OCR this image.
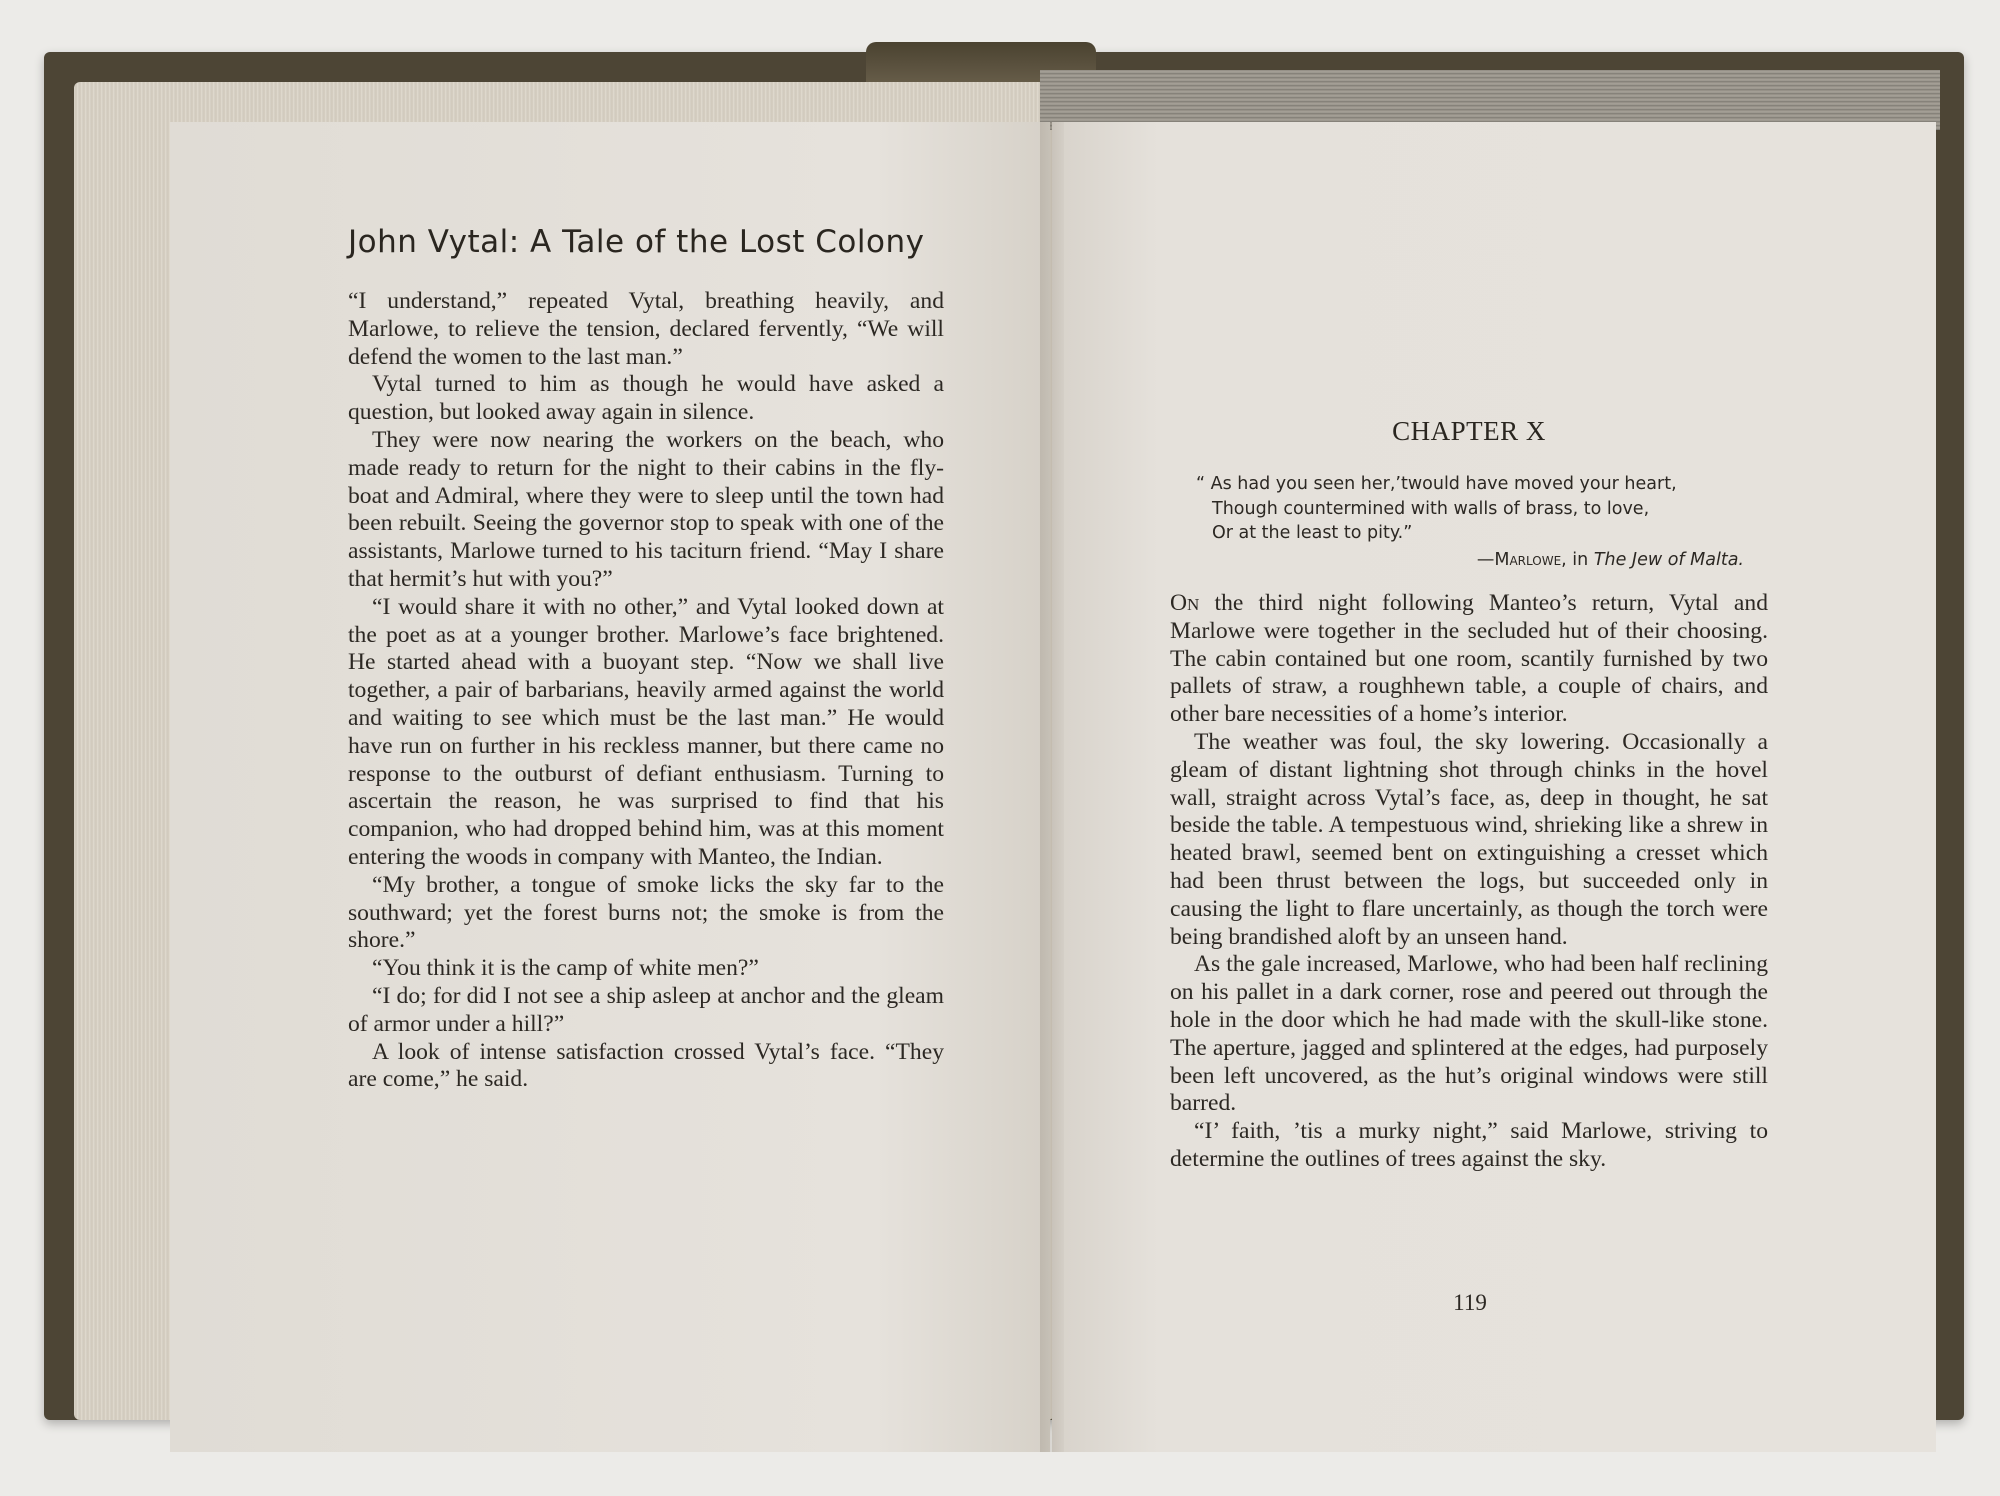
John Vytal: A Tale of the Lost Colony

“I understand,” repeated Vytal, breathing heavily, and Marlowe, to relieve the tension, declared fervently, “We will defend the women to the last man.”

Vytal turned to him as though he would have asked a question, but looked away again in silence.

They were now nearing the workers on the beach, who made ready to return for the night to their cabins in the fly-boat and Admiral, where they were to sleep until the town had been rebuilt. Seeing the governor stop to speak with one of the assistants, Marlowe turned to his taciturn friend. “May I share that hermit’s hut with you?”

“I would share it with no other,” and Vytal looked down at the poet as at a younger brother. Marlowe’s face brightened. He started ahead with a buoyant step. “Now we shall live together, a pair of barbarians, heavily armed against the world and waiting to see which must be the last man.” He would have run on further in his reckless manner, but there came no response to the outburst of defiant enthusiasm. Turning to ascertain the reason, he was surprised to find that his companion, who had dropped behind him, was at this moment entering the woods in company with Manteo, the Indian.

“My brother, a tongue of smoke licks the sky far to the southward; yet the forest burns not; the smoke is from the shore.”

“You think it is the camp of white men?”

“I do; for did I not see a ship asleep at anchor and the gleam of armor under a hill?”

A look of intense satisfaction crossed Vytal’s face. “They are come,” he said.

CHAPTER X
“ As had you seen her,’twould have moved your heart,
Though countermined with walls of brass, to love,
Or at the least to pity.”
—Marlowe, in The Jew of Malta.

On the third night following Manteo’s return, Vytal and Marlowe were together in the secluded hut of their choosing. The cabin contained but one room, scantily furnished by two pallets of straw, a roughhewn table, a couple of chairs, and other bare necessities of a home’s interior.

The weather was foul, the sky lowering. Occasionally a gleam of distant lightning shot through chinks in the hovel wall, straight across Vytal’s face, as, deep in thought, he sat beside the table. A tempestuous wind, shrieking like a shrew in heated brawl, seemed bent on extinguishing a cresset which had been thrust between the logs, but succeeded only in causing the light to flare uncertainly, as though the torch were being brandished aloft by an unseen hand.

As the gale increased, Marlowe, who had been half reclining on his pallet in a dark corner, rose and peered out through the hole in the door which he had made with the skull-like stone. The aperture, jagged and splintered at the edges, had purposely been left uncovered, as the hut’s original windows were still barred.

“I’ faith, ’tis a murky night,” said Marlowe, striving to determine the outlines of trees against the sky.

119
